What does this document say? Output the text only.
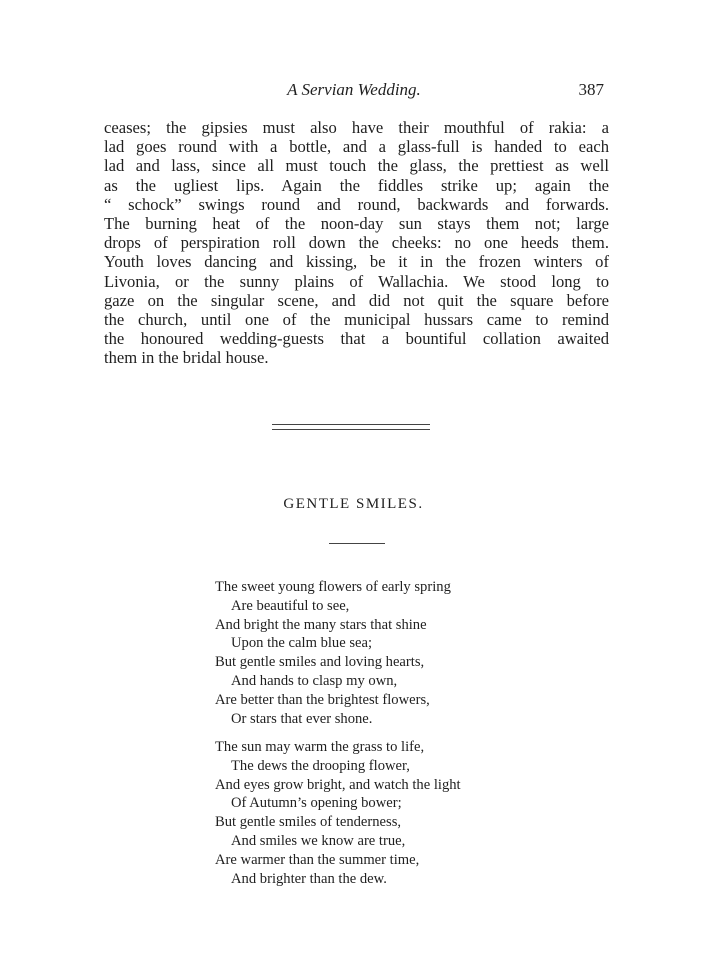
A Servian Wedding.	387
ceases; the gipsies must also have their mouthful of rakia: a
lad goes round with a bottle, and a glass-full is handed to each
lad and lass, since all must touch the glass, the prettiest as well
as the ugliest lips. Again the fiddles strike up; again the
“ schock” swings round and round, backwards and forwards.
The burning heat of the noon-day sun stays them not; large
drops of perspiration roll down the cheeks: no one heeds them.
Youth loves dancing and kissing, be it in the frozen winters of
Livonia, or the sunny plains of Wallachia. We stood long to
gaze on the singular scene, and did not quit the square before
the church, until one of the municipal hussars came to remind
the honoured wedding-guests that a bountiful collation awaited
them in the bridal house.
GENTLE SMILES.
The sweet young flowers of early spring
Are beautiful to see,
And bright the many stars that shine
Upon the calm blue sea;
But gentle smiles and loving hearts,
And hands to clasp my own,
Are better than the brightest flowers,
Or stars that ever shone.
The sun may warm the grass to life,
The dews the drooping flower,
And eyes grow bright, and watch the light
Of Autumn’s opening bower;
But gentle smiles of tenderness,
And smiles we know are true,
Are warmer than the summer time,
And brighter than the dew.
